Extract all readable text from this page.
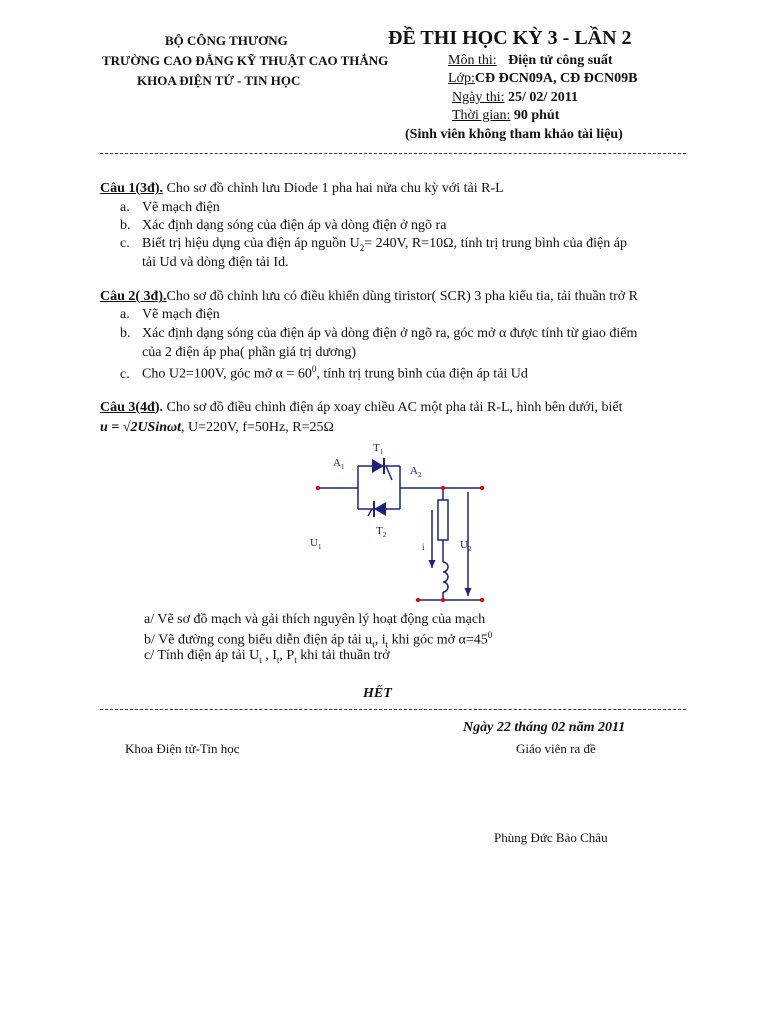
BỘ CÔNG THƯƠNG
TRƯỜNG CAO ĐẲNG KỸ THUẬT CAO THẮNG
KHOA ĐIỆN TỬ - TIN HỌC
ĐỀ THI HỌC KỲ 3 - LẦN 2
Môn thi: Điện tử công suất
Lớp:CĐ ĐCN09A, CĐ ĐCN09B
Ngày thi: 25/ 02/ 2011
Thời gian: 90 phút
(Sinh viên không tham khảo tài liệu)
Câu 1(3đ). Cho sơ đồ chỉnh lưu Diode 1 pha hai nửa chu kỳ với tải R-L
a. Vẽ mạch điện
b. Xác định dạng sóng của điện áp và dòng điện ở ngõ ra
c. Biết trị hiệu dụng của điện áp nguồn $U_2= 240V$, R=10Ω, tính trị trung bình của điện áp
tải Ud và dòng điện tải Id.
Câu 2( 3đ).Cho sơ đồ chỉnh lưu có điều khiển dùng tiristor( SCR) 3 pha kiểu tia, tải thuần trở R
a. Vẽ mạch điện
b. Xác định dạng sóng của điện áp và dòng điện ở ngõ ra, góc mở α được tính từ giao điểm
của 2 điện áp pha( phần giá trị dương)
c. Cho U2=100V, góc mở $\alpha = 60^0$, tính trị trung bình của điện áp tải Ud
Câu 3(4đ). Cho sơ đồ điều chỉnh điện áp xoay chiều AC một pha tải R-L, hình bên dưới, biết
u = √2USinωt, U=220V, f=50Hz, R=25Ω
$A_1$	$A_2$
$T_1$
$T_2$
$U_1$	$U_2$
i
a/ Vẽ sơ đồ mạch và gải thích nguyên lý hoạt động của mạch
b/ Vẽ đường cong biểu diễn điện áp tải $u_t$, $i_t$ khi góc mở $\alpha=45^0$
c/ Tính điện áp tải $U_t$ , $I_t$, $P_t$ khi tải thuần trở
HẾT
Ngày 22 tháng 02 năm 2011
Khoa Điện tử-Tin học	Giáo viên ra đề
Phùng Đức Bảo Châu
